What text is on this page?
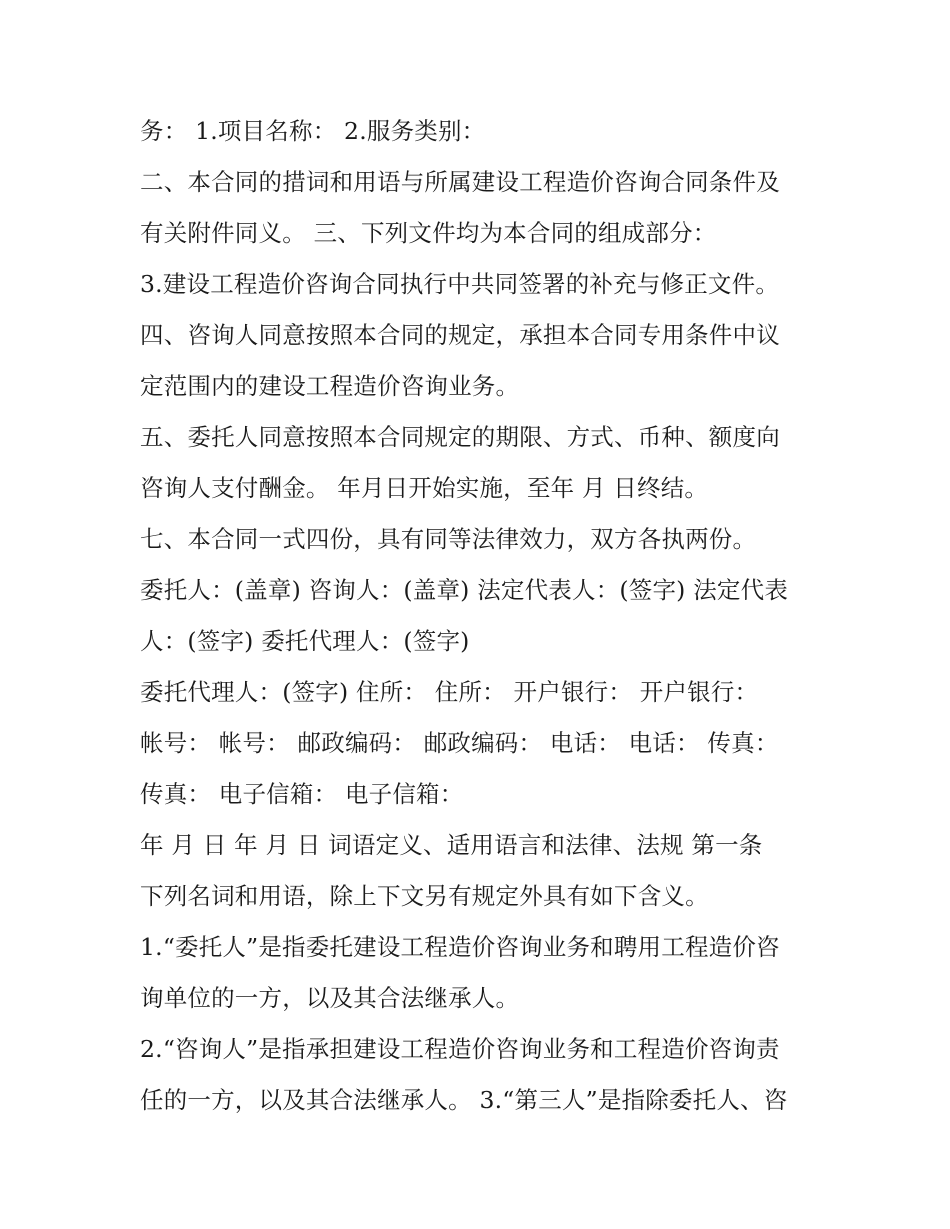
务： 1.项目名称： 2.服务类别：
二、本合同的措词和用语与所属建设工程造价咨询合同条件及
有关附件同义。 三、下列文件均为本合同的组成部分：
3.建设工程造价咨询合同执行中共同签署的补充与修正文件。
四、咨询人同意按照本合同的规定，承担本合同专用条件中议
定范围内的建设工程造价咨询业务。
五、委托人同意按照本合同规定的期限、方式、币种、额度向
咨询人支付酬金。 年月日开始实施，至年 月 日终结。
七、本合同一式四份，具有同等法律效力，双方各执两份。
委托人：(盖章) 咨询人：(盖章) 法定代表人：(签字) 法定代表
人：(签字) 委托代理人：(签字)
委托代理人：(签字) 住所： 住所： 开户银行： 开户银行：
帐号： 帐号： 邮政编码： 邮政编码： 电话： 电话： 传真：
传真： 电子信箱： 电子信箱：
年 月 日 年 月 日 词语定义、适用语言和法律、法规 第一条
下列名词和用语，除上下文另有规定外具有如下含义。
1.“委托人”是指委托建设工程造价咨询业务和聘用工程造价咨
询单位的一方，以及其合法继承人。
2.“咨询人”是指承担建设工程造价咨询业务和工程造价咨询责
任的一方，以及其合法继承人。 3.“第三人”是指除委托人、咨
